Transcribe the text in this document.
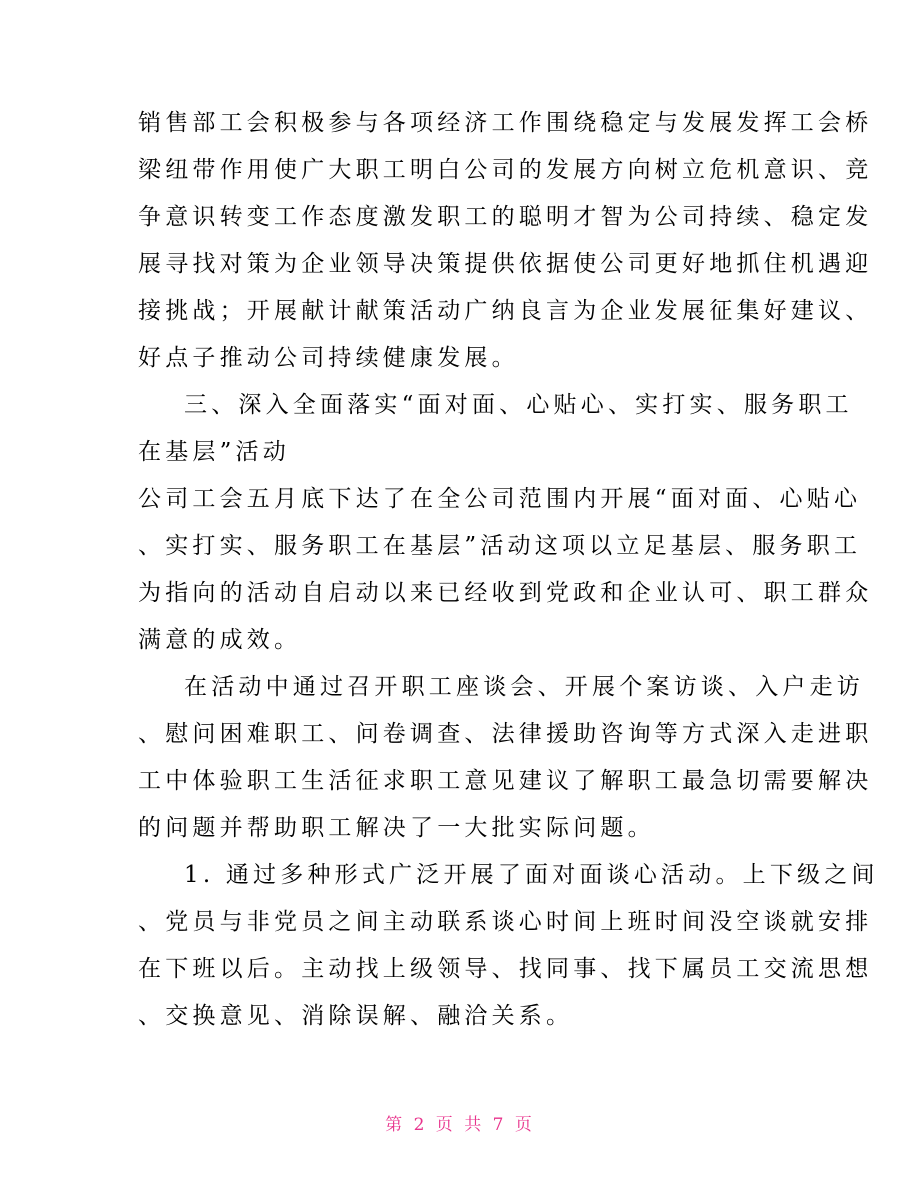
销售部工会积极参与各项经济工作围绕稳定与发展发挥工会桥
梁纽带作用使广大职工明白公司的发展方向树立危机意识、竞
争意识转变工作态度激发职工的聪明才智为公司持续、稳定发
展寻找对策为企业领导决策提供依据使公司更好地抓住机遇迎
接挑战；开展献计献策活动广纳良言为企业发展征集好建议、
好点子推动公司持续健康发展。
三、深入全面落实“面对面、心贴心、实打实、服务职工
在基层”活动
公司工会五月底下达了在全公司范围内开展“面对面、心贴心
、实打实、服务职工在基层”活动这项以立足基层、服务职工
为指向的活动自启动以来已经收到党政和企业认可、职工群众
满意的成效。
在活动中通过召开职工座谈会、开展个案访谈、入户走访
、慰问困难职工、问卷调查、法律援助咨询等方式深入走进职
工中体验职工生活征求职工意见建议了解职工最急切需要解决
的问题并帮助职工解决了一大批实际问题。
1. 通过多种形式广泛开展了面对面谈心活动。上下级之间
、党员与非党员之间主动联系谈心时间上班时间没空谈就安排
在下班以后。主动找上级领导、找同事、找下属员工交流思想
、交换意见、消除误解、融洽关系。
第 2 页 共 7 页
